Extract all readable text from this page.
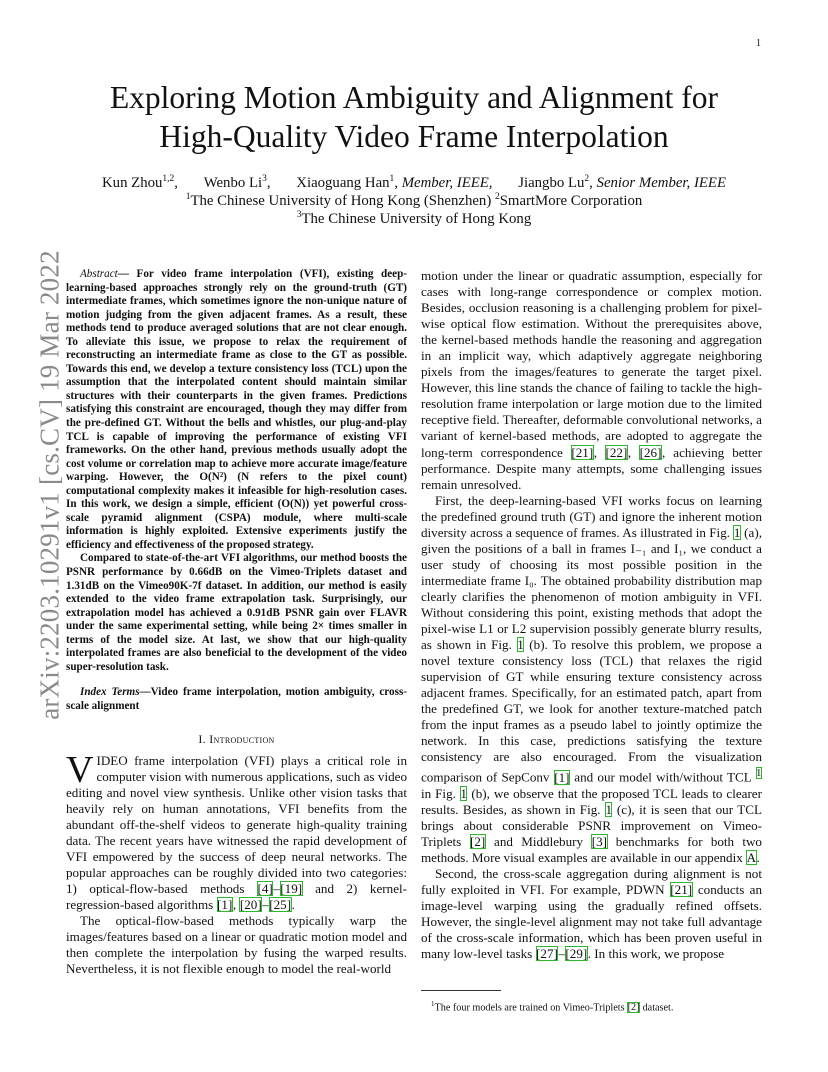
1
arXiv:2203.10291v1 [cs.CV] 19 Mar 2022
Exploring Motion Ambiguity and Alignment for
High-Quality Video Frame Interpolation
Kun Zhou$^{1,2}$, Wenbo Li$^3$, Xiaoguang Han$^1$, Member, IEEE, Jiangbo Lu$^2$, Senior Member, IEEE
$^1$The Chinese University of Hong Kong (Shenzhen) $^2$SmartMore Corporation
$^3$The Chinese University of Hong Kong

Abstract— For video frame interpolation (VFI), existing deep-learning-based approaches strongly rely on the ground-truth (GT) intermediate frames, which sometimes ignore the non-unique nature of motion judging from the given adjacent frames. As a result, these methods tend to produce averaged solutions that are not clear enough. To alleviate this issue, we propose to relax the requirement of reconstructing an intermediate frame as close to the GT as possible. Towards this end, we develop a texture consistency loss (TCL) upon the assumption that the interpolated content should maintain similar structures with their counterparts in the given frames. Predictions satisfying this constraint are encouraged, though they may differ from the pre-defined GT. Without the bells and whistles, our plug-and-play TCL is capable of improving the performance of existing VFI frameworks. On the other hand, previous methods usually adopt the cost volume or correlation map to achieve more accurate image/feature warping. However, the O(N²) (N refers to the pixel count) computational complexity makes it infeasible for high-resolution cases. In this work, we design a simple, efficient (O(N)) yet powerful cross-scale pyramid alignment (CSPA) module, where multi-scale information is highly exploited. Extensive experiments justify the efficiency and effectiveness of the proposed strategy.

Compared to state-of-the-art VFI algorithms, our method boosts the PSNR performance by 0.66dB on the Vimeo-Triplets dataset and 1.31dB on the Vimeo90K-7f dataset. In addition, our method is easily extended to the video frame extrapolation task. Surprisingly, our extrapolation model has achieved a 0.91dB PSNR gain over FLAVR under the same experimental setting, while being 2× times smaller in terms of the model size. At last, we show that our high-quality interpolated frames are also beneficial to the development of the video super-resolution task.

Index Terms—Video frame interpolation, motion ambiguity, cross-scale alignment

I. Introduction

VIDEO frame interpolation (VFI) plays a critical role in computer vision with numerous applications, such as video editing and novel view synthesis. Unlike other vision tasks that heavily rely on human annotations, VFI benefits from the abundant off-the-shelf videos to generate high-quality training data. The recent years have witnessed the rapid development of VFI empowered by the success of deep neural networks. The popular approaches can be roughly divided into two categories: 1) optical-flow-based methods [4]–[19] and 2) kernel-regression-based algorithms [1], [20]–[25].

The optical-flow-based methods typically warp the images/features based on a linear or quadratic motion model and then complete the interpolation by fusing the warped results. Nevertheless, it is not flexible enough to model the real-world

motion under the linear or quadratic assumption, especially for cases with long-range correspondence or complex motion. Besides, occlusion reasoning is a challenging problem for pixel-wise optical flow estimation. Without the prerequisites above, the kernel-based methods handle the reasoning and aggregation in an implicit way, which adaptively aggregate neighboring pixels from the images/features to generate the target pixel. However, this line stands the chance of failing to tackle the high-resolution frame interpolation or large motion due to the limited receptive field. Thereafter, deformable convolutional networks, a variant of kernel-based methods, are adopted to aggregate the long-term correspondence [21], [22], [26], achieving better performance. Despite many attempts, some challenging issues remain unresolved.

First, the deep-learning-based VFI works focus on learning the predefined ground truth (GT) and ignore the inherent motion diversity across a sequence of frames. As illustrated in Fig. 1 (a), given the positions of a ball in frames I₋₁ and I₁, we conduct a user study of choosing its most possible position in the intermediate frame I₀. The obtained probability distribution map clearly clarifies the phenomenon of motion ambiguity in VFI. Without considering this point, existing methods that adopt the pixel-wise L1 or L2 supervision possibly generate blurry results, as shown in Fig. 1 (b). To resolve this problem, we propose a novel texture consistency loss (TCL) that relaxes the rigid supervision of GT while ensuring texture consistency across adjacent frames. Specifically, for an estimated patch, apart from the predefined GT, we look for another texture-matched patch from the input frames as a pseudo label to jointly optimize the network. In this case, predictions satisfying the texture consistency are also encouraged. From the visualization comparison of SepConv [1] and our model with/without TCL $^1$ in Fig. 1 (b), we observe that the proposed TCL leads to clearer results. Besides, as shown in Fig. 1 (c), it is seen that our TCL brings about considerable PSNR improvement on Vimeo-Triplets [2] and Middlebury [3] benchmarks for both two methods. More visual examples are available in our appendix A.

Second, the cross-scale aggregation during alignment is not fully exploited in VFI. For example, PDWN [21] conducts an image-level warping using the gradually refined offsets. However, the single-level alignment may not take full advantage of the cross-scale information, which has been proven useful in many low-level tasks [27]–[29]. In this work, we propose

$^1$The four models are trained on Vimeo-Triplets [2] dataset.
